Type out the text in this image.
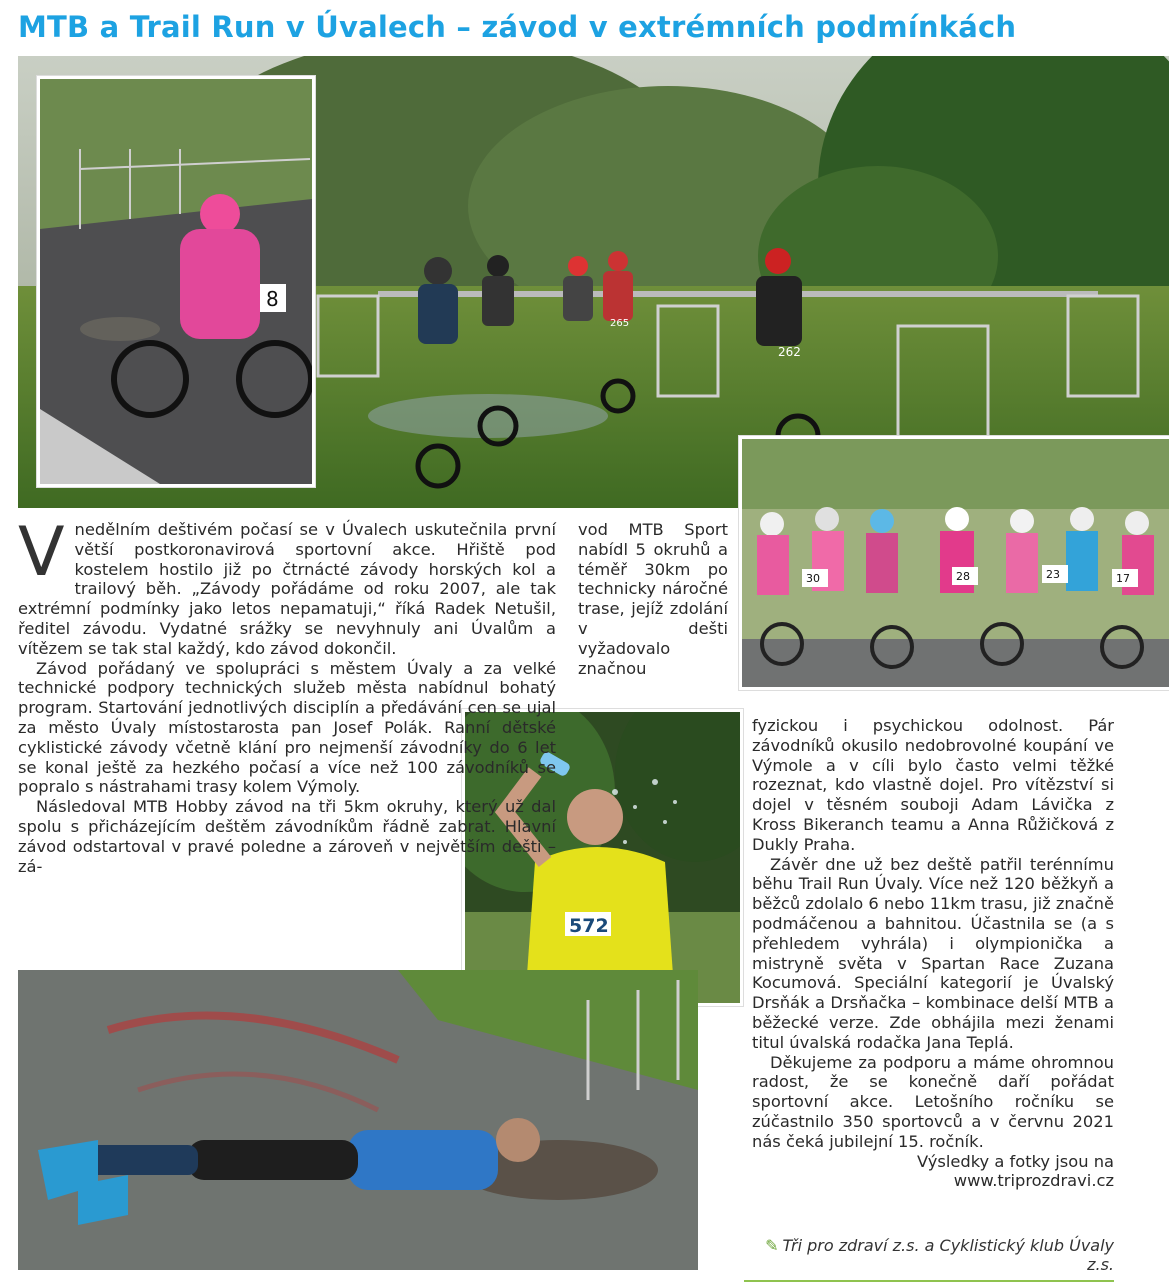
MTB a Trail Run v Úvalech – závod v extrémních podmínkách
262
265
8
30	28	23	17
572

Vnedělním deštivém počasí se v Úvalech uskutečnila první větší postkoronavirová sportovní akce. Hřiště pod kostelem hostilo již po čtrnácté závody horských kol a trailový běh. „Závody pořádáme od roku 2007, ale tak extrémní podmínky jako letos nepamatuji,“ říká Radek Netušil, ředitel závodu. Vydatné srážky se nevyhnuly ani Úvalům a vítězem se tak stal každý, kdo závod dokončil.

Závod pořádaný ve spolupráci s městem Úvaly a za velké technické podpory technických služeb města nabídnul bohatý program. Startování jednotlivých disciplín a předávání cen se ujal za město Úvaly místostarosta pan Josef Polák. Ranní dětské cyklistické závody včetně klání pro nejmenší závodníky do 6 let se konal ještě za hezkého počasí a více než 100 závodníků se popralo s nástrahami trasy kolem Výmoly.

Následoval MTB Hobby závod na tři 5km okruhy, který už dal spolu s přicházejícím deštěm závodníkům řádně zabrat. Hlavní závod odstartoval v pravé poledne a zároveň v největším dešti – zá-

vod MTB Sport nabídl 5 okruhů a téměř 30km po technicky náročné trase, jejíž zdolání v dešti vyžadovalo značnou

fyzickou i psychickou odolnost. Pár závodníků okusilo nedobrovolné koupání ve Výmole a v cíli bylo často velmi těžké rozeznat, kdo vlastně dojel. Pro vítězství si dojel v těsném souboji Adam Lávička z Kross Bikeranch teamu a Anna Růžičková z Dukly Praha.

Závěr dne už bez deště patřil terénnímu běhu Trail Run Úvaly. Více než 120 běžkyň a běžců zdolalo 6 nebo 11km trasu, již značně podmáčenou a bahnitou. Účastnila se (a s přehledem vyhrála) i olympionička a mistryně světa v Spartan Race Zuzana Kocumová. Speciální kategorií je Úvalský Drsňák a Drsňačka – kombinace delší MTB a běžecké verze. Zde obhájila mezi ženami titul úvalská rodačka Jana Teplá.

Děkujeme za podporu a máme ohromnou radost, že se konečně daří pořádat sportovní akce. Letošního ročníku se zúčastnilo 350 sportovců a v červnu 2021 nás čeká jubilejní 15. ročník.

Výsledky a fotky jsou na www.triprozdravi.cz

✎ Tři pro zdraví z.s. a Cyklistický klub Úvaly z.s.
